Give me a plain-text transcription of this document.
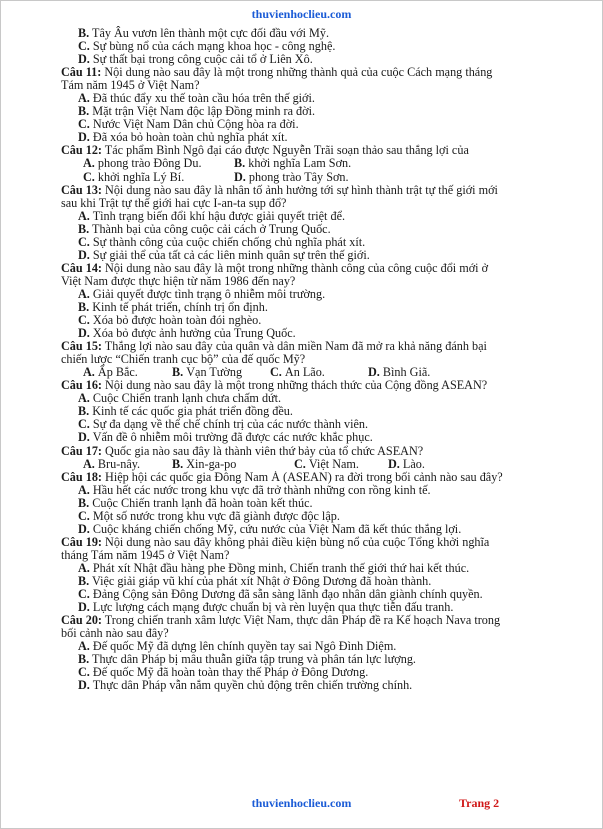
thuvienhoclieu.com
B. Tây Âu vươn lên thành một cực đối đầu với Mỹ.
C. Sự bùng nổ của cách mạng khoa học - công nghệ.
D. Sự thất bại trong công cuộc cải tổ ở Liên Xô.
Câu 11: Nội dung nào sau đây là một trong những thành quả của cuộc Cách mạng tháng
Tám năm 1945 ở Việt Nam?
A. Đã thúc đẩy xu thế toàn cầu hóa trên thế giới.
B. Mặt trận Việt Nam độc lập Đồng minh ra đời.
C. Nước Việt Nam Dân chủ Cộng hòa ra đời.
D. Đã xóa bỏ hoàn toàn chủ nghĩa phát xít.
Câu 12: Tác phẩm Bình Ngô đại cáo được Nguyễn Trãi soạn thảo sau thắng lợi của
A. phong trào Đông Du.	B. khởi nghĩa Lam Sơn.
C. khởi nghĩa Lý Bí.	D. phong trào Tây Sơn.
Câu 13: Nội dung nào sau đây là nhân tố ảnh hưởng tới sự hình thành trật tự thế giới mới
sau khi Trật tự thế giới hai cực I-an-ta sụp đổ?
A. Tình trạng biến đổi khí hậu được giải quyết triệt để.
B. Thành bại của công cuộc cải cách ở Trung Quốc.
C. Sự thành công của cuộc chiến chống chủ nghĩa phát xít.
D. Sự giải thể của tất cả các liên minh quân sự trên thế giới.
Câu 14: Nội dung nào sau đây là một trong những thành công của công cuộc đổi mới ở
Việt Nam được thực hiện từ năm 1986 đến nay?
A. Giải quyết được tình trạng ô nhiễm môi trường.
B. Kinh tế phát triển, chính trị ổn định.
C. Xóa bỏ được hoàn toàn đói nghèo.
D. Xóa bỏ được ảnh hưởng của Trung Quốc.
Câu 15: Thắng lợi nào sau đây của quân và dân miền Nam đã mở ra khả năng đánh bại
chiến lược “Chiến tranh cục bộ” của đế quốc Mỹ?
A. Ấp Bắc.	B. Vạn Tường	C. An Lão.	D. Bình Giã.
Câu 16: Nội dung nào sau đây là một trong những thách thức của Cộng đồng ASEAN?
A. Cuộc Chiến tranh lạnh chưa chấm dứt.
B. Kinh tế các quốc gia phát triển đồng đều.
C. Sự đa dạng về thể chế chính trị của các nước thành viên.
D. Vấn đề ô nhiễm môi trường đã được các nước khắc phục.
Câu 17: Quốc gia nào sau đây là thành viên thứ bảy của tổ chức ASEAN?
A. Bru-nây.	B. Xin-ga-po	C. Việt Nam.	D. Lào.
Câu 18: Hiệp hội các quốc gia Đông Nam Á (ASEAN) ra đời trong bối cảnh nào sau đây?
A. Hầu hết các nước trong khu vực đã trở thành những con rồng kinh tế.
B. Cuộc Chiến tranh lạnh đã hoàn toàn kết thúc.
C. Một số nước trong khu vực đã giành được độc lập.
D. Cuộc kháng chiến chống Mỹ, cứu nước của Việt Nam đã kết thúc thắng lợi.
Câu 19: Nội dung nào sau đây không phải điều kiện bùng nổ của cuộc Tổng khởi nghĩa
tháng Tám năm 1945 ở Việt Nam?
A. Phát xít Nhật đầu hàng phe Đồng minh, Chiến tranh thế giới thứ hai kết thúc.
B. Việc giải giáp vũ khí của phát xít Nhật ở Đông Dương đã hoàn thành.
C. Đảng Cộng sản Đông Dương đã sẵn sàng lãnh đạo nhân dân giành chính quyền.
D. Lực lượng cách mạng được chuẩn bị và rèn luyện qua thực tiễn đấu tranh.
Câu 20: Trong chiến tranh xâm lược Việt Nam, thực dân Pháp đề ra Kế hoạch Nava trong
bối cảnh nào sau đây?
A. Đế quốc Mỹ đã dựng lên chính quyền tay sai Ngô Đình Diệm.
B. Thực dân Pháp bị mâu thuẫn giữa tập trung và phân tán lực lượng.
C. Đế quốc Mỹ đã hoàn toàn thay thế Pháp ở Đông Dương.
D. Thực dân Pháp vẫn nắm quyền chủ động trên chiến trường chính.
thuvienhoclieu.com	Trang 2
